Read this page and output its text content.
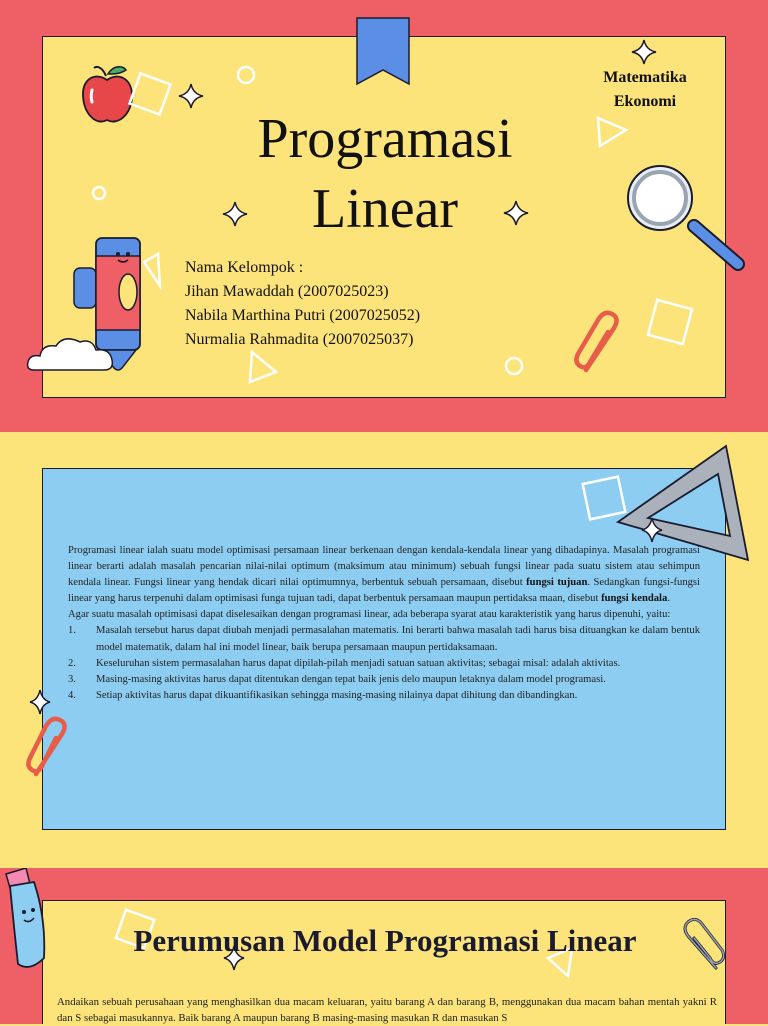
Programasi
Linear
Matematika
Ekonomi
Nama Kelompok :
Jihan Mawaddah (2007025023)
Nabila Marthina Putri (2007025052)
Nurmalia Rahmadita (2007025037)

Programasi linear ialah suatu model optimisasi persamaan linear berkenaan dengan kendala-kendala linear yang dihadapinya. Masalah programasi linear berarti adalah masalah pencarian nilai-nilai optimum (maksimum atau minimum) sebuah fungsi linear pada suatu sistem atau sehimpun kendala linear. Fungsi linear yang hendak dicari nilai optimumnya, berbentuk sebuah persamaan, disebut fungsi tujuan. Sedangkan fungsi-fungsi linear yang harus terpenuhi dalam optimisasi funga tujuan tadi, dapat berbentuk persamaan maupun pertidaksa maan, disebut fungsi kendala.

Agar suatu masalah optimisasi dapat diselesaikan dengan programasi linear, ada beberapa syarat atau karakteristik yang harus dipenuhi, yaitu:

1. Masalah tersebut harus dapat diubah menjadi permasalahan matematis. Ini berarti bahwa masalah tadi harus bisa dituangkan ke dalam bentuk model matematik, dalam hal ini model linear, baik berupa persamaan maupun pertidaksamaan.
2. Keseluruhan sistem permasalahan harus dapat dipilah-pilah menjadi satuan satuan aktivitas; sebagai misal: adalah aktivitas.
3. Masing-masing aktivitas harus dapat ditentukan dengan tepat baik jenis delo maupun letaknya dalam model programasi.
4. Setiap aktivitas harus dapat dikuantifikasikan sehingga masing-masing nilainya dapat dihitung dan dibandingkan.
Perumusan Model Programasi Linear
Andaikan sebuah perusahaan yang menghasilkan dua macam keluaran, yaitu barang A dan barang B, menggunakan dua macam bahan mentah yakni R dan S sebagai masukannya. Baik barang A maupun barang B masing-masing masukan R dan masukan S
